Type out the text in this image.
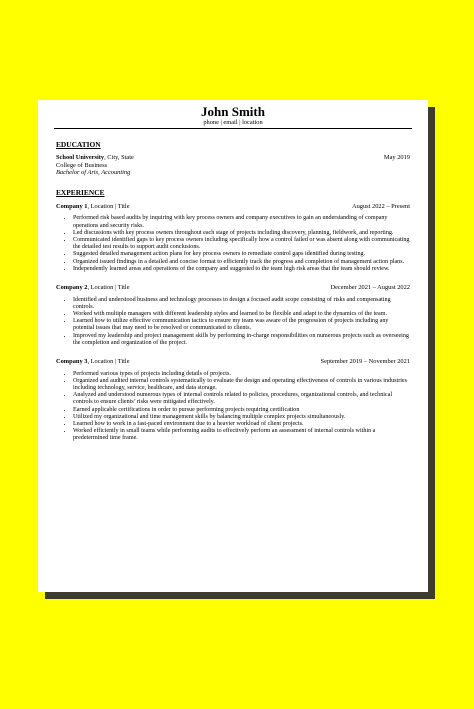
John Smith
phone | email | location
EDUCATION
School University, City, State	May 2019
College of Business
Bachelor of Arts, Accounting
EXPERIENCE
Company 1, Location | Title	August 2022 – Present
• Performed risk based audits by inquiring with key process owners and company executives to gain an understanding of company operations and security risks.
• Led discussions with key process owners throughout each stage of projects including discovery, planning, fieldwork, and reporting.
• Communicated identified gaps to key process owners including specifically how a control failed or was absent along with communicating the detailed test results to support audit conclusions.
• Suggested detailed management action plans for key process owners to remediate control gaps identified during testing.
• Organized issued findings in a detailed and concise format to efficiently track the progress and completion of management action plans.
• Independently learned areas and operations of the company and suggested to the team high risk areas that the team should review.
Company 2, Location | Title	December 2021 – August 2022
• Identified and understood business and technology processes to design a focused audit scope consisting of risks and compensating controls.
• Worked with multiple managers with different leadership styles and learned to be flexible and adapt to the dynamics of the team.
• Learned how to utilize effective communication tactics to ensure my team was aware of the progression of projects including any potential issues that may need to be resolved or communicated to clients.
• Improved my leadership and project management skills by performing in-charge responsibilities on numerous projects such as overseeing the completion and organization of the project.
Company 3, Location | Title	September 2019 – November 2021
• Performed various types of projects including details of projects.
• Organized and audited internal controls systematically to evaluate the design and operating effectiveness of controls in various industries including technology, service, healthcare, and data storage.
• Analyzed and understood numerous types of internal controls related to policies, procedures, organizational controls, and technical controls to ensure clients’ risks were mitigated effectively.
• Earned applicable certifications in order to pursue performing projects requiring certification
• Utilized my organizational and time management skills by balancing multiple complex projects simultaneously.
• Learned how to work in a fast-paced environment due to a heavier workload of client projects.
• Worked efficiently in small teams while performing audits to effectively perform an assessment of internal controls within a predetermined time frame.
